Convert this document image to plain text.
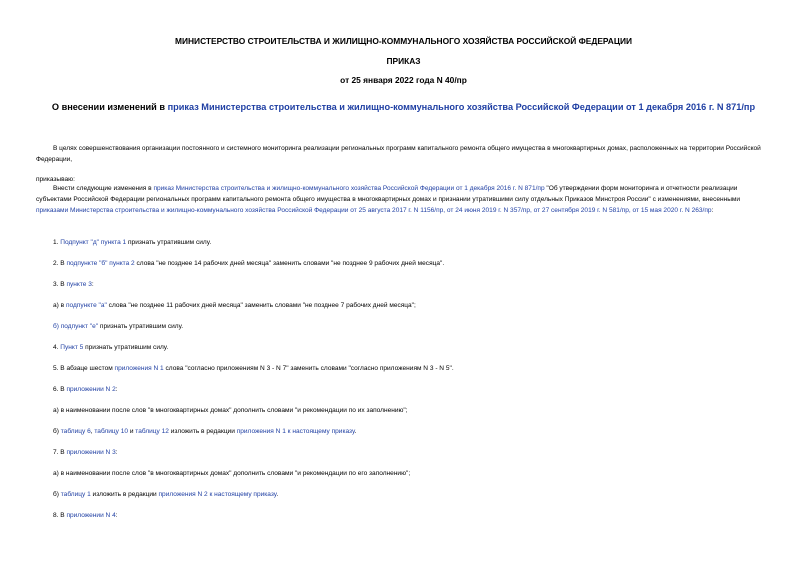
МИНИСТЕРСТВО СТРОИТЕЛЬСТВА И ЖИЛИЩНО-КОММУНАЛЬНОГО ХОЗЯЙСТВА РОССИЙСКОЙ ФЕДЕРАЦИИ
ПРИКАЗ
от 25 января 2022 года N 40/пр
О внесении изменений в приказ Министерства строительства и жилищно-коммунального хозяйства Российской Федерации от 1 декабря 2016 г. N 871/пр
В целях совершенствования организации постоянного и системного мониторинга реализации региональных программ капитального ремонта общего имущества в многоквартирных домах, расположенных на территории Российской Федерации,
приказываю:
Внести следующие изменения в приказ Министерства строительства и жилищно-коммунального хозяйства Российской Федерации от 1 декабря 2016 г. N 871/пр "Об утверждении форм мониторинга и отчетности реализации субъектами Российской Федерации региональных программ капитального ремонта общего имущества в многоквартирных домах и признании утратившими силу отдельных Приказов Минстроя России" с изменениями, внесенными приказами Министерства строительства и жилищно-коммунального хозяйства Российской Федерации от 25 августа 2017 г. N 1156/пр, от 24 июня 2019 г. N 357/пр, от 27 сентября 2019 г. N 581/пр, от 15 мая 2020 г. N 263/пр:
1. Подпункт "д" пункта 1 признать утратившим силу.
2. В подпункте "б" пункта 2 слова "не позднее 14 рабочих дней месяца" заменить словами "не позднее 9 рабочих дней месяца".
3. В пункте 3:
а) в подпункте "а" слова "не позднее 11 рабочих дней месяца" заменить словами "не позднее 7 рабочих дней месяца";
б) подпункт "е" признать утратившим силу.
4. Пункт 5 признать утратившим силу.
5. В абзаце шестом приложения N 1 слова "согласно приложениям N 3 - N 7" заменить словами "согласно приложениям N 3 - N 5".
6. В приложении N 2:
а) в наименовании после слов "в многоквартирных домах" дополнить словами "и рекомендации по их заполнению";
б) таблицу 6, таблицу 10 и таблицу 12 изложить в редакции приложения N 1 к настоящему приказу.
7. В приложении N 3:
а) в наименовании после слов "в многоквартирных домах" дополнить словами "и рекомендации по его заполнению";
б) таблицу 1 изложить в редакции приложения N 2 к настоящему приказу.
8. В приложении N 4:
